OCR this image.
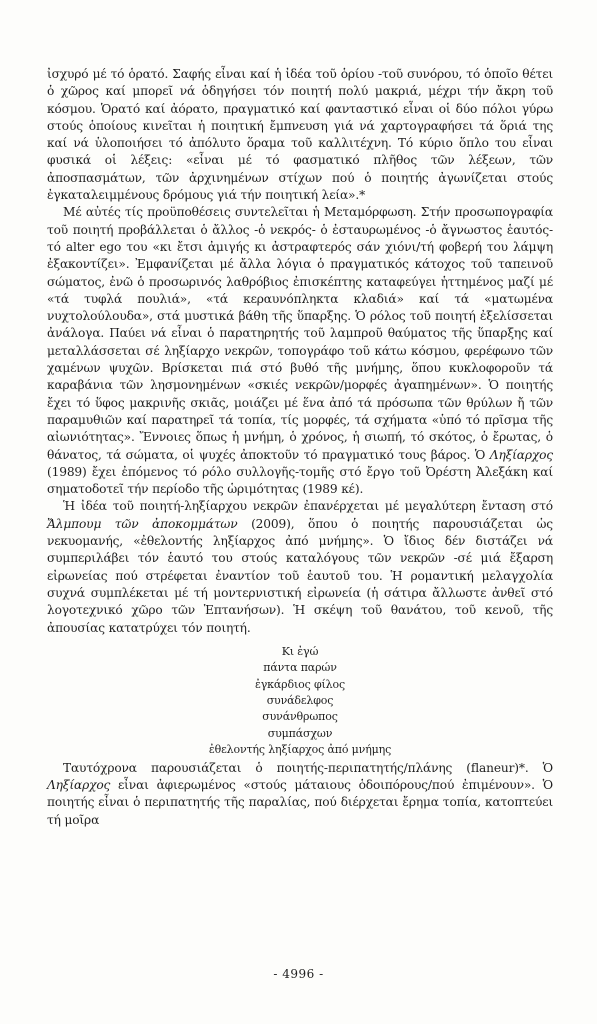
ἰσχυρό μέ τό ὁρατό. Σαφής εἶναι καί ἡ ἰδέα τοῦ ὁρίου -τοῦ συνόρου, τό ὁποῖο θέτει ὁ χῶρος καί μπορεῖ νά ὁδηγήσει τόν ποιητή πολύ μακριά, μέχρι τήν ἄκρη τοῦ κόσμου. Ὁρατό καί ἀόρατο, πραγματικό καί φανταστικό εἶναι οἱ δύο πόλοι γύρω στούς ὁποίους κινεῖται ἡ ποιητική ἔμπνευση γιά νά χαρτογραφήσει τά ὅριά της καί νά ὑλοποιήσει τό ἀπόλυτο ὅραμα τοῦ καλλιτέχνη. Τό κύριο ὅπλο του εἶναι φυσικά οἱ λέξεις: «εἶναι μέ τό φασματικό πλῆθος τῶν λέξεων, τῶν ἀποσπασμάτων, τῶν ἀρχινημένων στίχων πού ὁ ποιητής ἀγωνίζεται στούς ἐγκαταλειμμένους δρόμους γιά τήν ποιητική λεία».*

Μέ αὐτές τίς προϋποθέσεις συντελεῖται ἡ Μεταμόρφωση. Στήν προσωπογραφία τοῦ ποιητή προβάλλεται ὁ ἄλλος -ὁ νεκρός- ὁ ἐσταυρωμένος -ὁ ἄγνωστος ἑαυτός- τό alter ego του «κι ἔτσι ἀμιγής κι ἀστραφτερός σάν χιόνι/τή φοβερή του λάμψη ἐξακοντίζει». Ἐμφανίζεται μέ ἄλλα λόγια ὁ πραγματικός κάτοχος τοῦ ταπεινοῦ σώματος, ἐνῶ ὁ προσωρινός λαθρόβιος ἐπισκέπτης καταφεύγει ἡττημένος μαζί μέ «τά τυφλά πουλιά», «τά κεραυνόπληκτα κλαδιά» καί τά «ματωμένα νυχτολούλουδα», στά μυστικά βάθη τῆς ὕπαρξης. Ὁ ρόλος τοῦ ποιητή ἐξελίσσεται ἀνάλογα. Παύει νά εἶναι ὁ παρατηρητής τοῦ λαμπροῦ θαύματος τῆς ὕπαρξης καί μεταλλάσσεται σέ ληξίαρχο νεκρῶν, τοπογράφο τοῦ κάτω κόσμου, φερέφωνο τῶν χαμένων ψυχῶν. Βρίσκεται πιά στό βυθό τῆς μνήμης, ὅπου κυκλοφοροῦν τά καραβάνια τῶν λησμονημένων «σκιές νεκρῶν/μορφές ἀγαπημένων». Ὁ ποιητής ἔχει τό ὕφος μακρινῆς σκιᾶς, μοιάζει μέ ἕνα ἀπό τά πρόσωπα τῶν θρύλων ἤ τῶν παραμυθιῶν καί παρατηρεῖ τά τοπία, τίς μορφές, τά σχήματα «ὑπό τό πρῖσμα τῆς αἰωνιότητας». Ἔννοιες ὅπως ἡ μνήμη, ὁ χρόνος, ἡ σιωπή, τό σκότος, ὁ ἔρωτας, ὁ θάνατος, τά σώματα, οἱ ψυχές ἀποκτοῦν τό πραγματικό τους βάρος. Ὁ Ληξίαρχος (1989) ἔχει ἐπόμενος τό ρόλο συλλογῆς-τομῆς στό ἔργο τοῦ Ὀρέστη Ἀλεξάκη καί σηματοδοτεῖ τήν περίοδο τῆς ὡριμότητας (1989 κέ).

Ἡ ἰδέα τοῦ ποιητή-ληξίαρχου νεκρῶν ἐπανέρχεται μέ μεγαλύτερη ἔνταση στό Ἄλμπουμ τῶν ἀποκομμάτων (2009), ὅπου ὁ ποιητής παρουσιάζεται ὡς νεκυομανής, «ἐθελοντής ληξίαρχος ἀπό μνήμης». Ὁ ἴδιος δέν διστάζει νά συμπεριλάβει τόν ἑαυτό του στούς καταλόγους τῶν νεκρῶν -σέ μιά ἔξαρση εἰρωνείας πού στρέφεται ἐναντίον τοῦ ἑαυτοῦ του. Ἡ ρομαντική μελαγχολία συχνά συμπλέκεται μέ τή μοντερνιστική εἰρωνεία (ἡ σάτιρα ἄλλωστε ἀνθεῖ στό λογοτεχνικό χῶρο τῶν Ἑπτανήσων). Ἡ σκέψη τοῦ θανάτου, τοῦ κενοῦ, τῆς ἀπουσίας κατατρύχει τόν ποιητή.

Κι ἐγώ
πάντα παρών
ἐγκάρδιος φίλος
συνάδελφος
συνάνθρωπος
συμπάσχων
ἐθελοντής ληξίαρχος ἀπό μνήμης

Ταυτόχρονα παρουσιάζεται ὁ ποιητής-περιπατητής/πλάνης (flaneur)*. Ὁ Ληξίαρχος εἶναι ἀφιερωμένος «στούς μάταιους ὁδοιπόρους/πού ἐπιμένουν». Ὁ ποιητής εἶναι ὁ περιπατητής τῆς παραλίας, πού διέρχεται ἔρημα τοπία, κατοπτεύει τή μοῖρα

- 4996 -
